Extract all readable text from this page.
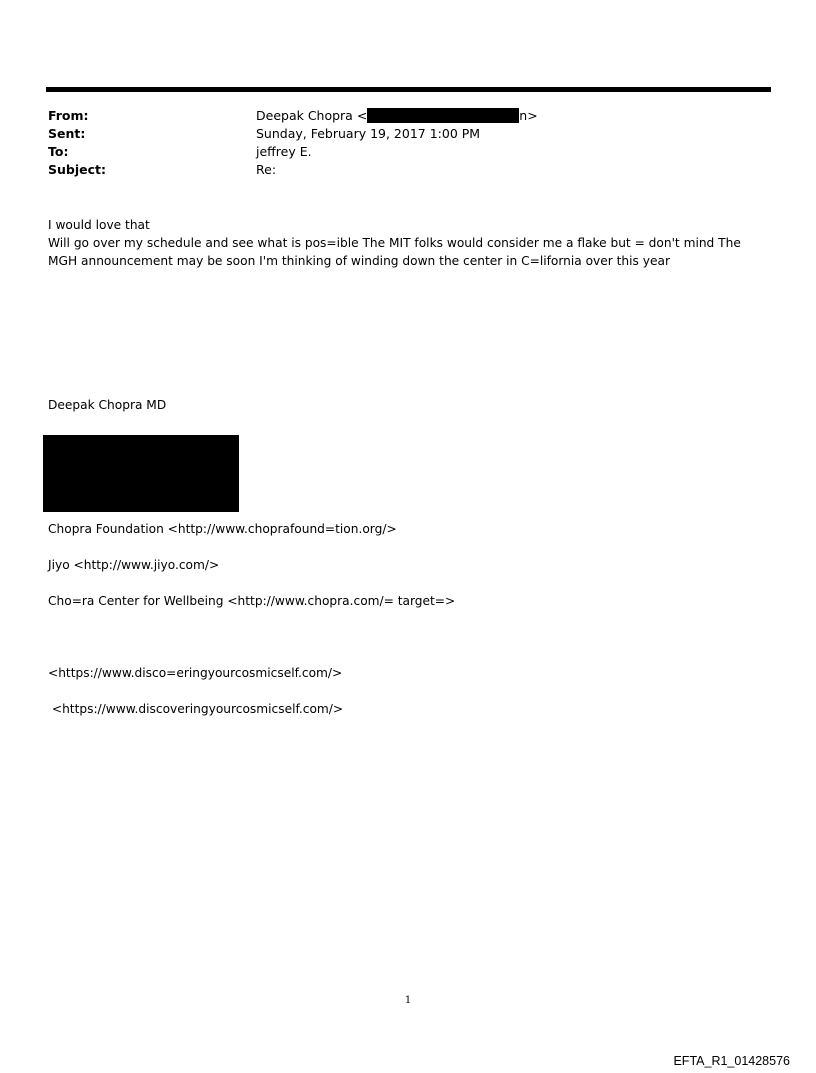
From:	Deepak Chopra <	n>
Sent:	Sunday, February 19, 2017 1:00 PM
To:	jeffrey E.
Subject:	Re:
I would love that
Will go over my schedule and see what is pos=ible The MIT folks would consider me a flake but = don't mind The MGH announcement may be soon I'm thinking of winding down the center in C=lifornia over this year
Deepak Chopra MD
Chopra Foundation <http://www.choprafound=tion.org/>
Jiyo <http://www.jiyo.com/>
Cho=ra Center for Wellbeing <http://www.chopra.com/= target=>
<https://www.disco=eringyourcosmicself.com/>
<https://www.discoveringyourcosmicself.com/>
1
EFTA_R1_01428576
